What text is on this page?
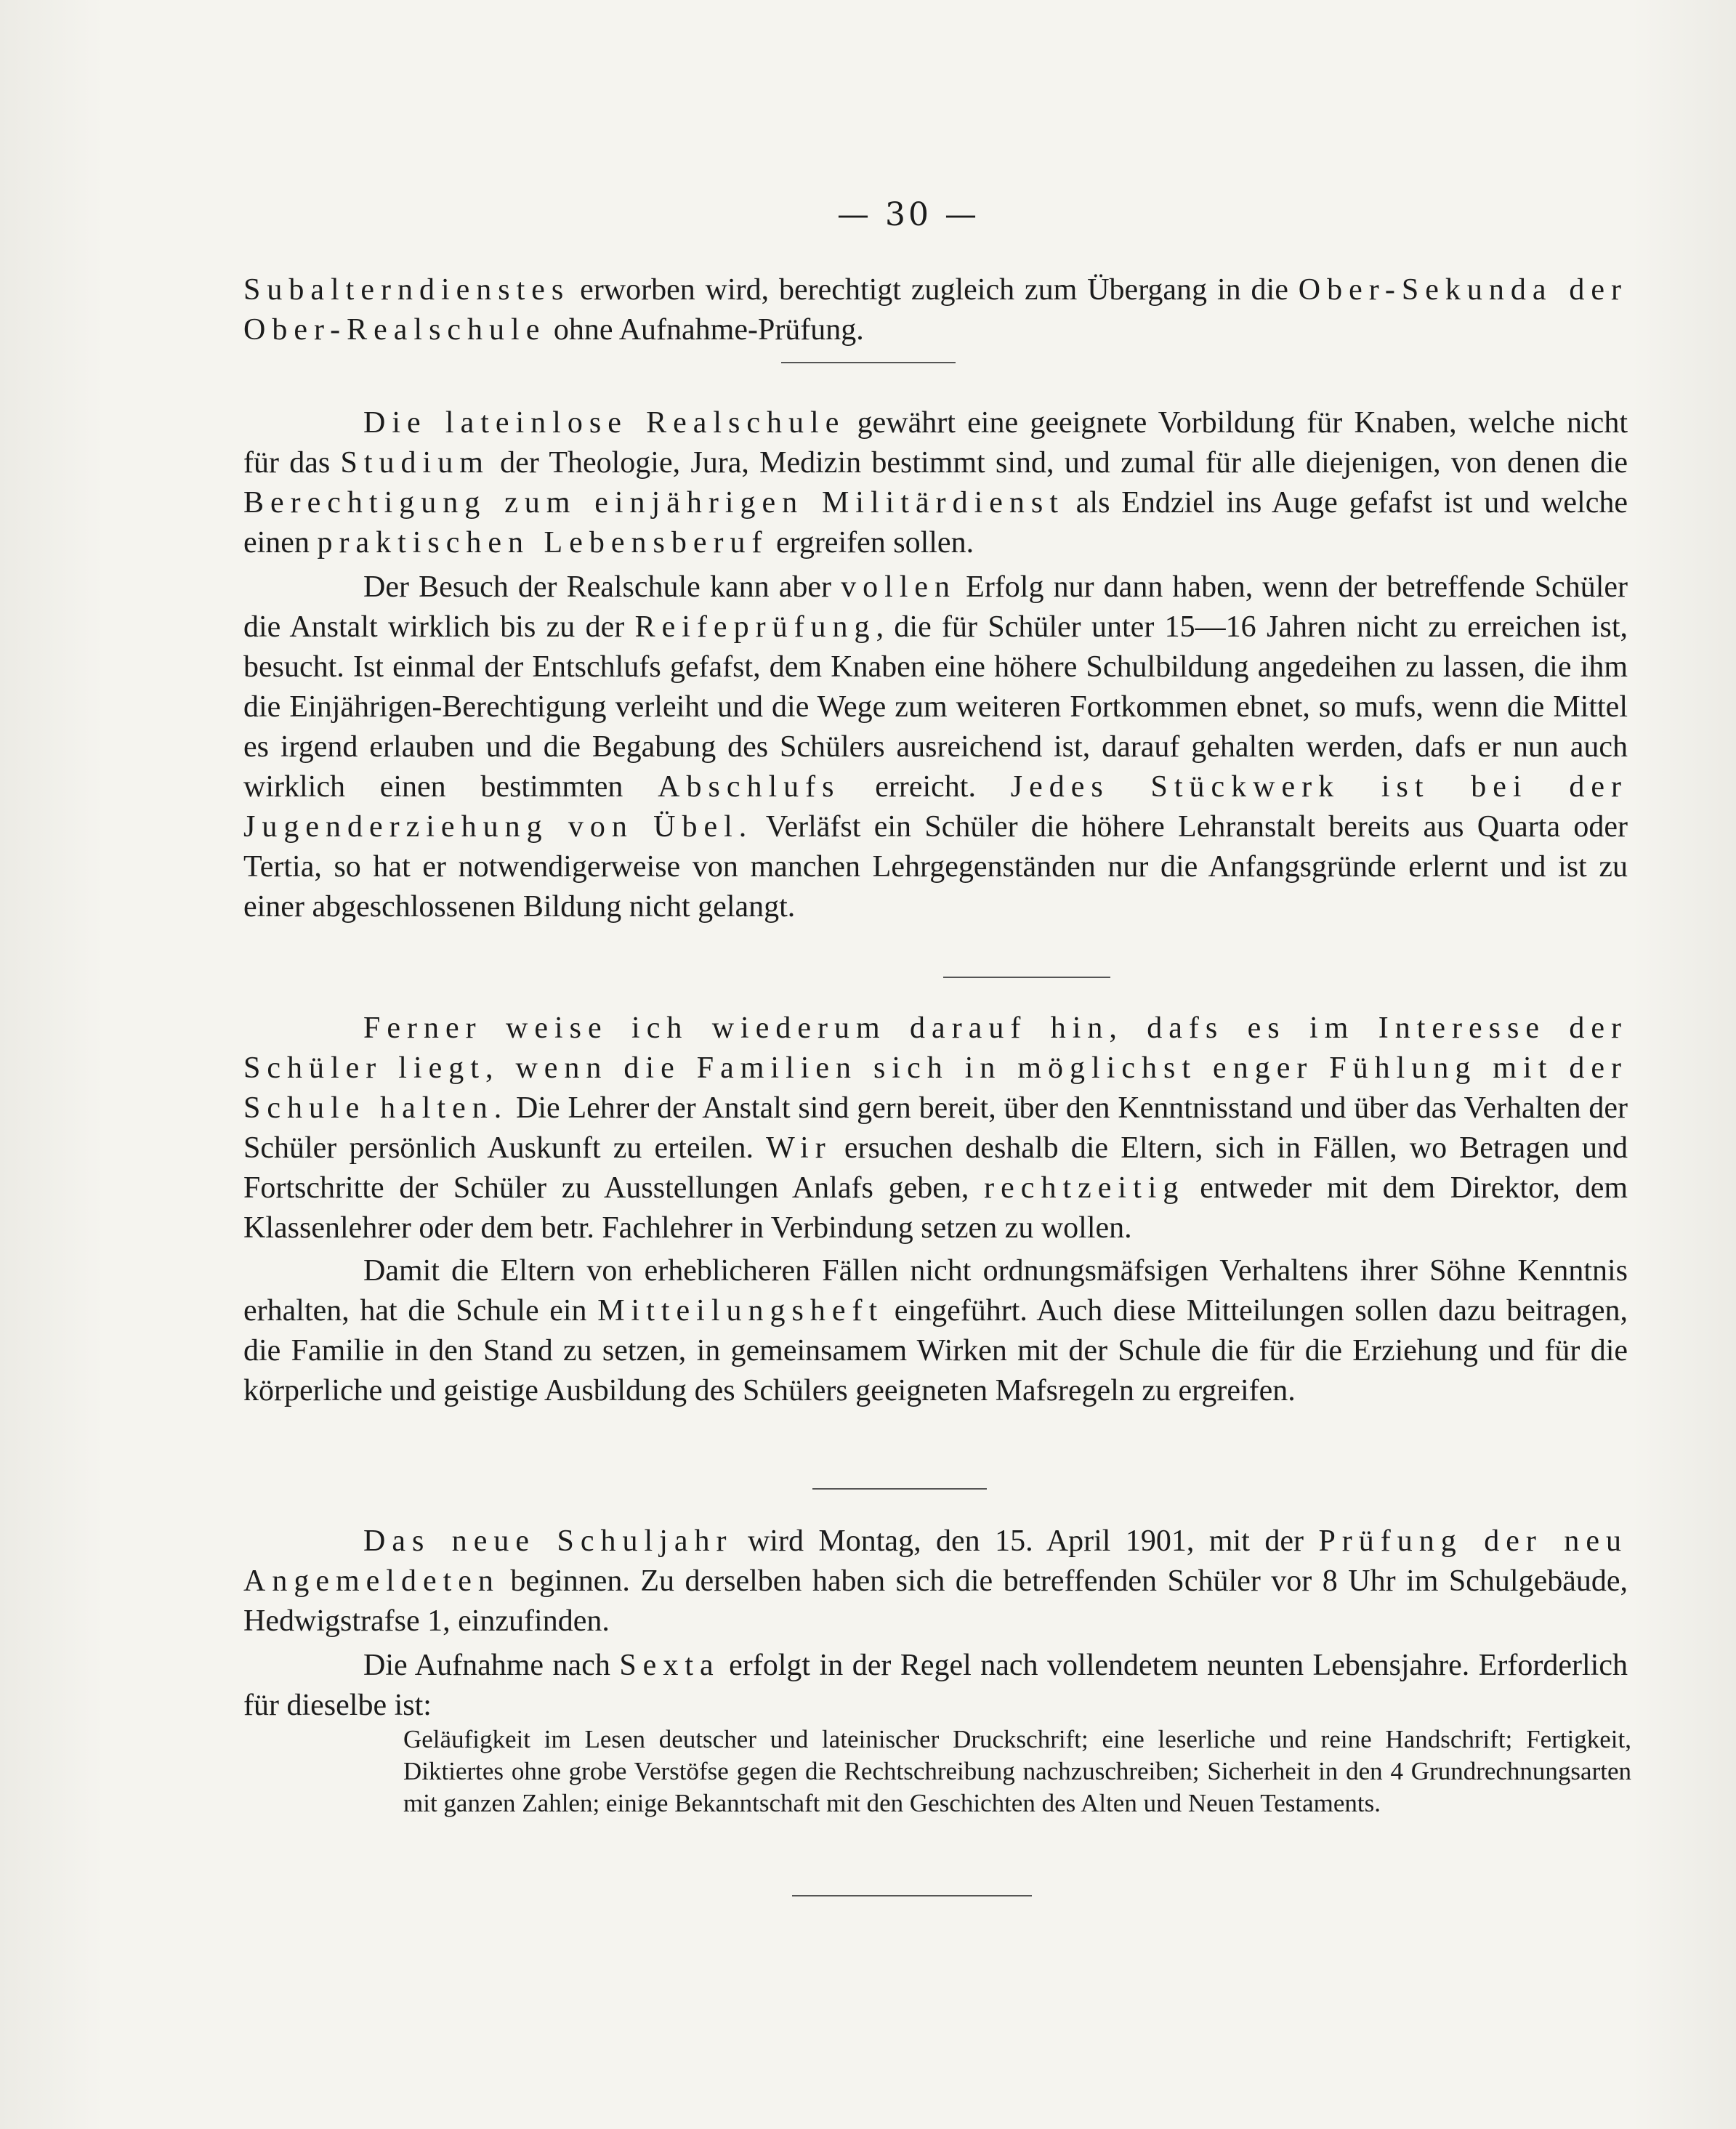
— 30 —

Subalterndienstes erworben wird, berechtigt zugleich zum Übergang in die Ober-Sekunda der Ober-Realschule ohne Aufnahme-Prüfung.

Die lateinlose Realschule gewährt eine geeignete Vorbildung für Knaben, welche nicht für das Studium der Theologie, Jura, Medizin bestimmt sind, und zumal für alle diejenigen, von denen die Berechtigung zum einjährigen Militärdienst als Endziel ins Auge gefafst ist und welche einen praktischen Lebensberuf ergreifen sollen.

Der Besuch der Realschule kann aber vollen Erfolg nur dann haben, wenn der betreffende Schüler die Anstalt wirklich bis zu der Reifeprüfung, die für Schüler unter 15—16 Jahren nicht zu erreichen ist, besucht. Ist einmal der Entschlufs gefafst, dem Knaben eine höhere Schulbildung angedeihen zu lassen, die ihm die Einjährigen-Berechtigung verleiht und die Wege zum weiteren Fortkommen ebnet, so mufs, wenn die Mittel es irgend erlauben und die Begabung des Schülers ausreichend ist, darauf gehalten werden, dafs er nun auch wirklich einen bestimmten Abschlufs erreicht. Jedes Stückwerk ist bei der Jugenderziehung von Übel. Verläfst ein Schüler die höhere Lehranstalt bereits aus Quarta oder Tertia, so hat er notwendigerweise von manchen Lehrgegenständen nur die Anfangsgründe erlernt und ist zu einer abgeschlossenen Bildung nicht gelangt.

Ferner weise ich wiederum darauf hin, dafs es im Interesse der Schüler liegt, wenn die Familien sich in möglichst enger Fühlung mit der Schule halten. Die Lehrer der Anstalt sind gern bereit, über den Kenntnisstand und über das Verhalten der Schüler persönlich Auskunft zu erteilen. Wir ersuchen deshalb die Eltern, sich in Fällen, wo Betragen und Fortschritte der Schüler zu Ausstellungen Anlafs geben, rechtzeitig entweder mit dem Direktor, dem Klassenlehrer oder dem betr. Fachlehrer in Verbindung setzen zu wollen.

Damit die Eltern von erheblicheren Fällen nicht ordnungsmäfsigen Verhaltens ihrer Söhne Kenntnis erhalten, hat die Schule ein Mitteilungsheft eingeführt. Auch diese Mitteilungen sollen dazu beitragen, die Familie in den Stand zu setzen, in gemeinsamem Wirken mit der Schule die für die Erziehung und für die körperliche und geistige Ausbildung des Schülers geeigneten Mafsregeln zu ergreifen.

Das neue Schuljahr wird Montag, den 15. April 1901, mit der Prüfung der neu Angemeldeten beginnen. Zu derselben haben sich die betreffenden Schüler vor 8 Uhr im Schulgebäude, Hedwigstrafse 1, einzufinden.

Die Aufnahme nach Sexta erfolgt in der Regel nach vollendetem neunten Lebensjahre. Erforderlich für dieselbe ist:

Geläufigkeit im Lesen deutscher und lateinischer Druckschrift; eine leserliche und reine Handschrift; Fertigkeit, Diktiertes ohne grobe Verstöfse gegen die Rechtschreibung nachzuschreiben; Sicherheit in den 4 Grundrechnungsarten mit ganzen Zahlen; einige Bekanntschaft mit den Geschichten des Alten und Neuen Testaments.
